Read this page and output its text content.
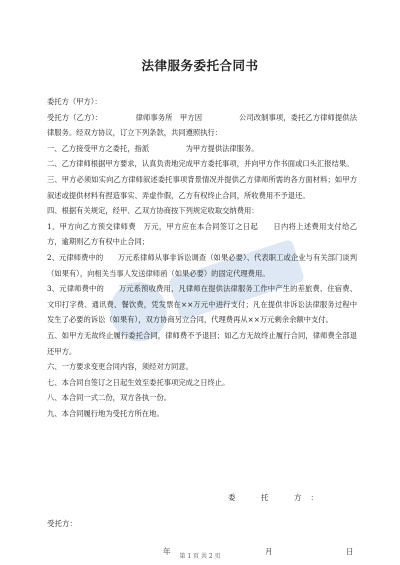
法律服务委托合同书

委托方（甲方）：

受托方（乙方）：　　　　　律师事务所　甲方因　　　　　公司改制事项，委托乙方律师提供法律服务。经双方协议，订立下列条款，共同遵照执行：

一、乙方接受甲方之委托，指派　　　　　为甲方提供法律服务。

二、乙方律师根据甲方要求，认真负责地完成甲方委托事项，并向甲方作书面或口头汇报结果。

三、甲方必须如实向乙方律师叙述委托事项背景情况并提供乙方律师所需的各方面材料；如甲方叙述或提供材料有捏造事实、弄虚作假，乙方有权终止合同，所收费用不予退还。

四、根据有关规定，经甲、乙双方协商按下列规定收取交纳费用：

1、甲方向乙方预交律师费　万元，甲方应在本合同签订之日起　　日内将上述费用支付给乙方，逾期则乙方有权中止合同；

2、元律师费中的　　万元系律师从事非诉讼调查（如果必要）、代表职工或企业与有关部门谈判（如果有），向相关当事人发送律师函（如果必要）的固定代理费用。

3、元律师费中的　　万元系预收费用，凡律师在提供法律服务工作中产生的差旅费、住宿费、文印打字费、通讯费、餐饮费，凭发票在××万元中进行支付；凡在提供非诉讼法律服务过程中发生了必要的诉讼（如果有），双方协商另立合同，代理费再从××万元剩余余额中支付。

五、如甲方无故终止履行委托合同，律师费不予退回；如乙方无故终止履行合同，律师费全部退还甲方。

六、一方要求变更合同内容，须经对方同意。

七、本合同自签订之日起生效至委托事项完成之日终止。

八、本合同一式二份，双方各执一份。

九、本合同履行地为受托方所在地。

委　托　方：
受托方：
年	月	日
第 1 页 共 2 页
